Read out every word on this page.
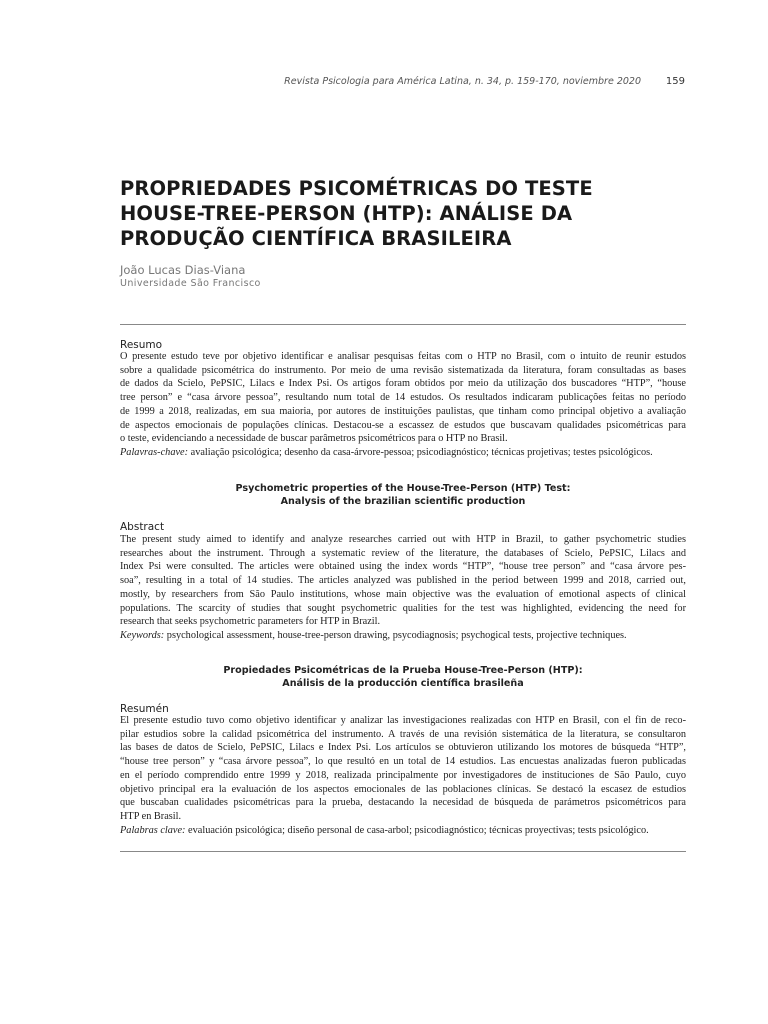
Revista Psicologia para América Latina, n. 34, p. 159-170, noviembre 2020 159
PROPRIEDADES PSICOMÉTRICAS DO TESTE
HOUSE-TREE-PERSON (HTP): ANÁLISE DA
PRODUÇÃO CIENTÍFICA BRASILEIRA

João Lucas Dias-Viana

Universidade São Francisco

Resumo

O presente estudo teve por objetivo identificar e analisar pesquisas feitas com o HTP no Brasil, com o intuito de reunir estudos
sobre a qualidade psicométrica do instrumento. Por meio de uma revisão sistematizada da literatura, foram consultadas as bases
de dados da Scielo, PePSIC, Lilacs e Index Psi. Os artigos foram obtidos por meio da utilização dos buscadores “HTP”, “house
tree person” e “casa árvore pessoa”, resultando num total de 14 estudos. Os resultados indicaram publicações feitas no período
de 1999 a 2018, realizadas, em sua maioria, por autores de instituições paulistas, que tinham como principal objetivo a avaliação
de aspectos emocionais de populações clínicas. Destacou-se a escassez de estudos que buscavam qualidades psicométricas para
o teste, evidenciando a necessidade de buscar parâmetros psicométricos para o HTP no Brasil.
Palavras-chave: avaliação psicológica; desenho da casa-árvore-pessoa; psicodiagnóstico; técnicas projetivas; testes psicológicos.
Psychometric properties of the House-Tree-Person (HTP) Test:
Analysis of the brazilian scientific production

Abstract

The present study aimed to identify and analyze researches carried out with HTP in Brazil, to gather psychometric studies
researches about the instrument. Through a systematic review of the literature, the databases of Scielo, PePSIC, Lilacs and
Index Psi were consulted. The articles were obtained using the index words “HTP”, “house tree person” and “casa árvore pes-
soa”, resulting in a total of 14 studies. The articles analyzed was published in the period between 1999 and 2018, carried out,
mostly, by researchers from São Paulo institutions, whose main objective was the evaluation of emotional aspects of clinical
populations. The scarcity of studies that sought psychometric qualities for the test was highlighted, evidencing the need for
research that seeks psychometric parameters for HTP in Brazil.
Keywords: psychological assessment, house-tree-person drawing, psycodiagnosis; psychogical tests, projective techniques.
Propiedades Psicométricas de la Prueba House-Tree-Person (HTP):
Análisis de la producción científica brasileña

Resumén

El presente estudio tuvo como objetivo identificar y analizar las investigaciones realizadas con HTP en Brasil, con el fin de reco-
pilar estudios sobre la calidad psicométrica del instrumento. A través de una revisión sistemática de la literatura, se consultaron
las bases de datos de Scielo, PePSIC, Lilacs e Index Psi. Los artículos se obtuvieron utilizando los motores de búsqueda “HTP”,
“house tree person” y “casa árvore pessoa”, lo que resultó en un total de 14 estudios. Las encuestas analizadas fueron publicadas
en el período comprendido entre 1999 y 2018, realizada principalmente por investigadores de instituciones de São Paulo, cuyo
objetivo principal era la evaluación de los aspectos emocionales de las poblaciones clínicas. Se destacó la escasez de estudios
que buscaban cualidades psicométricas para la prueba, destacando la necesidad de búsqueda de parámetros psicométricos para
HTP en Brasil.
Palabras clave: evaluación psicológica; diseño personal de casa-arbol; psicodiagnóstico; técnicas proyectivas; tests psicológico.
